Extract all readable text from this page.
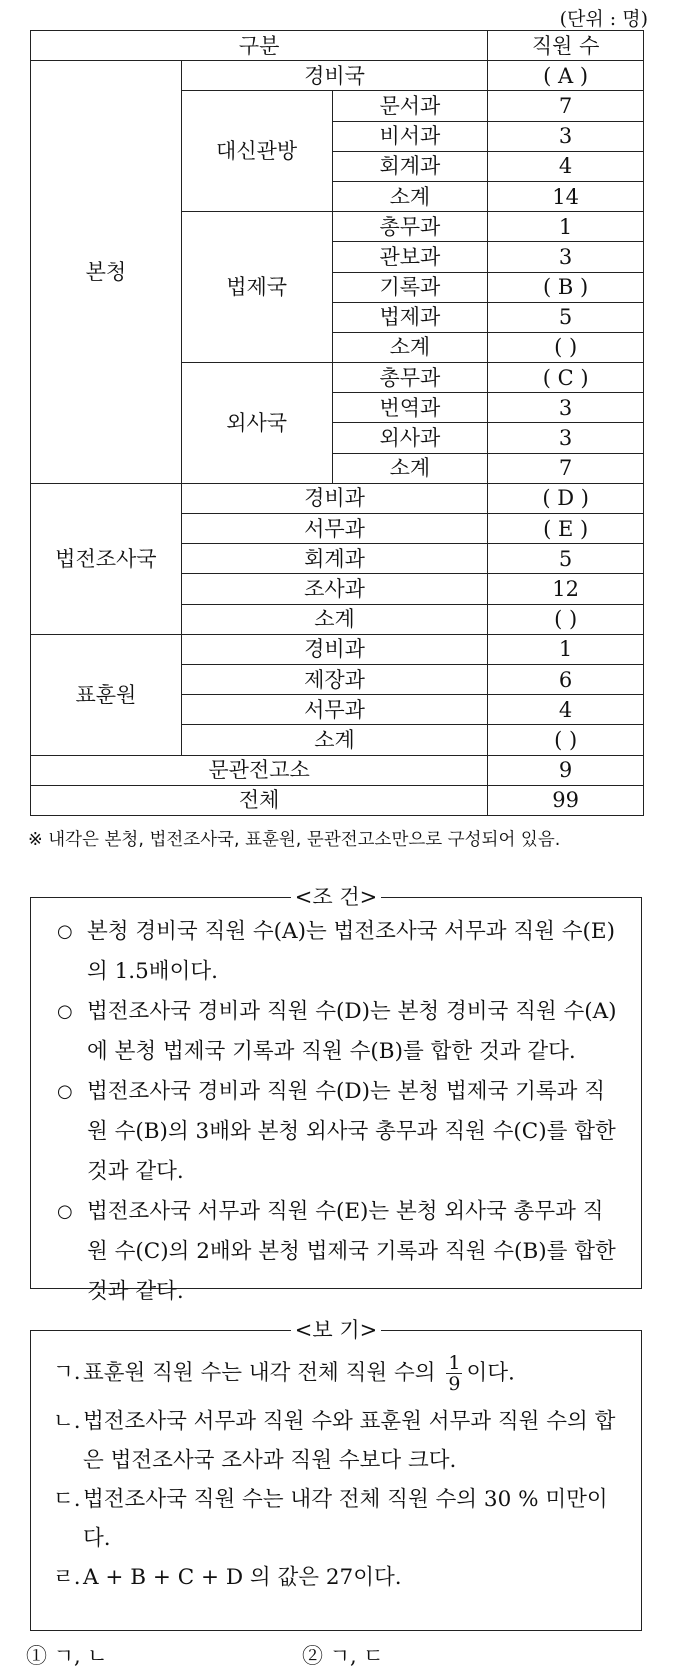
(단위 : 명)
구분			직원 수
본청	경비국		( A )
	대신관방	문서과	7
		비서과	3
		회계과	4
		소계	14
	법제국	총무과	1
		관보과	3
		기록과	( B )
		법제과	5
		소계	( )
	외사국	총무과	( C )
		번역과	3
		외사과	3
		소계	7
법전조사국	경비과		( D )
	서무과		( E )
	회계과		5
	조사과		12
	소계		( )
표훈원	경비과		1
	제장과		6
	서무과		4
	소계		( )
문관전고소			9
전체			99
※ 내각은 본청, 법전조사국, 표훈원, 문관전고소만으로 구성되어 있음.
<조 건>
○ 본청 경비국 직원 수(A)는 법전조사국 서무과 직원 수(E)의 1.5배이다.
○ 법전조사국 경비과 직원 수(D)는 본청 경비국 직원 수(A)에 본청 법제국 기록과 직원 수(B)를 합한 것과 같다.
○ 법전조사국 경비과 직원 수(D)는 본청 법제국 기록과 직원 수(B)의 3배와 본청 외사국 총무과 직원 수(C)를 합한 것과 같다.
○ 법전조사국 서무과 직원 수(E)는 본청 외사국 총무과 직원 수(C)의 2배와 본청 법제국 기록과 직원 수(B)를 합한 것과 같다.
<보 기>
ㄱ. 표훈원 직원 수는 내각 전체 직원 수의 $\frac{1}{9}$ 이다.
ㄴ. 법전조사국 서무과 직원 수와 표훈원 서무과 직원 수의 합은 법전조사국 조사과 직원 수보다 크다.
ㄷ. 법전조사국 직원 수는 내각 전체 직원 수의 30 % 미만이다.
ㄹ. A + B + C + D 의 값은 27이다.
① ㄱ, ㄴ	② ㄱ, ㄷ
